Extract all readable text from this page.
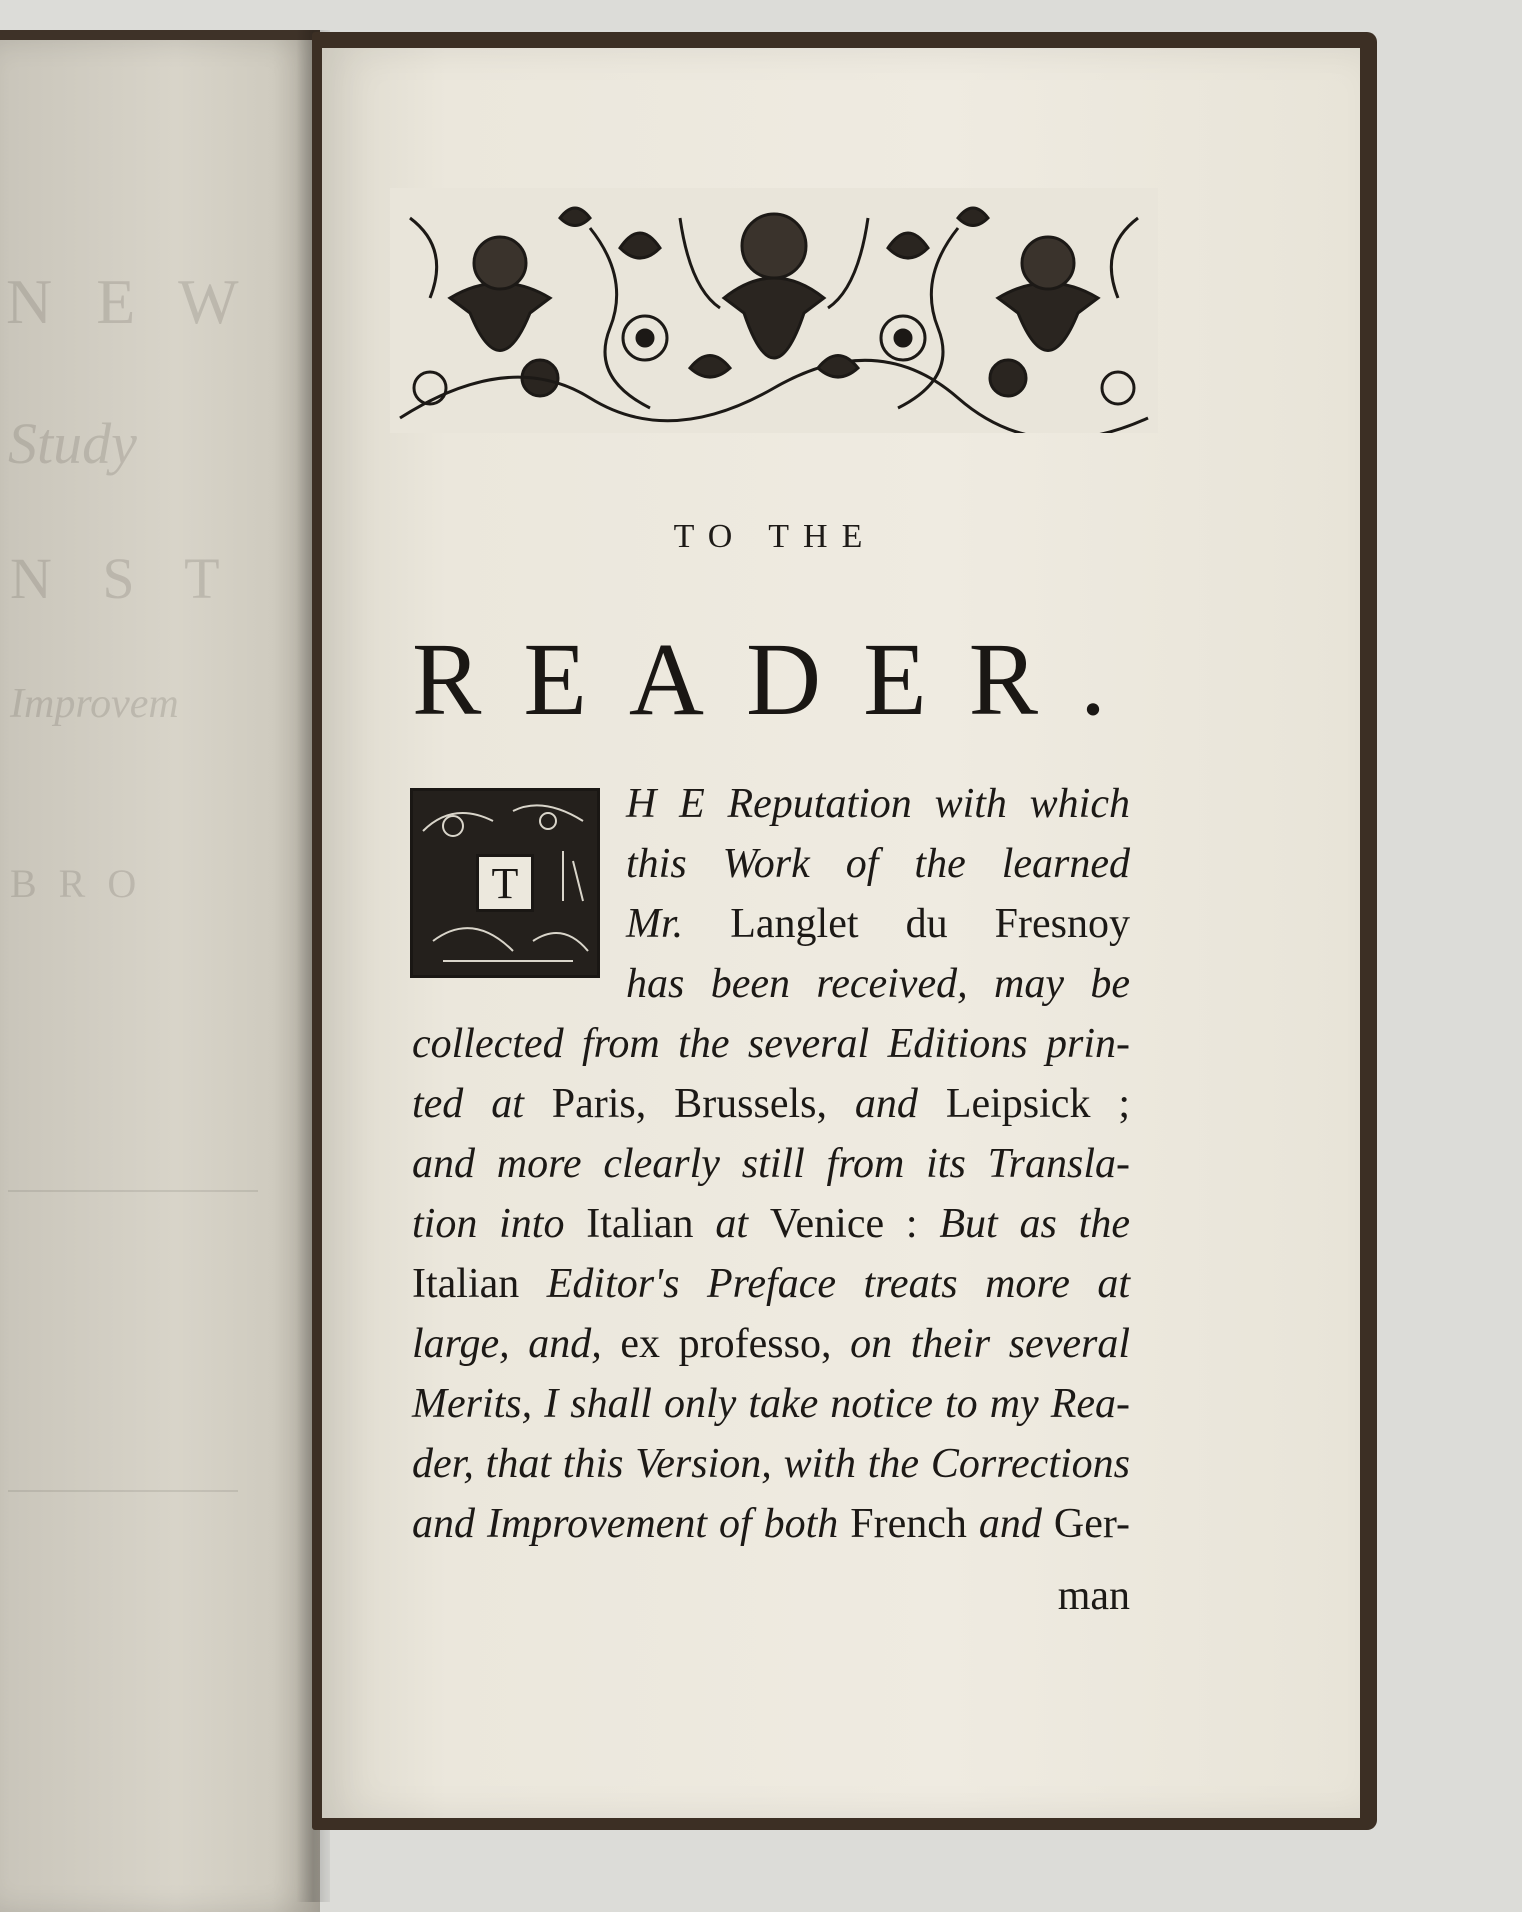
N E W
Study
N S T
Improvem
B R O
TO THE
READER.
T
H E Reputation with which
this Work of the learned
Mr. Langlet du Fresnoy
has been received, may be
collected from the several Editions prin-
ted at Paris, Brussels, and Leipsick ;
and more clearly still from its Transla-
tion into Italian at Venice : But as the
Italian Editor's Preface treats more at
large, and, ex professo, on their several
Merits, I shall only take notice to my Rea-
der, that this Version, with the Corrections
and Improvement of both French and Ger-
man
